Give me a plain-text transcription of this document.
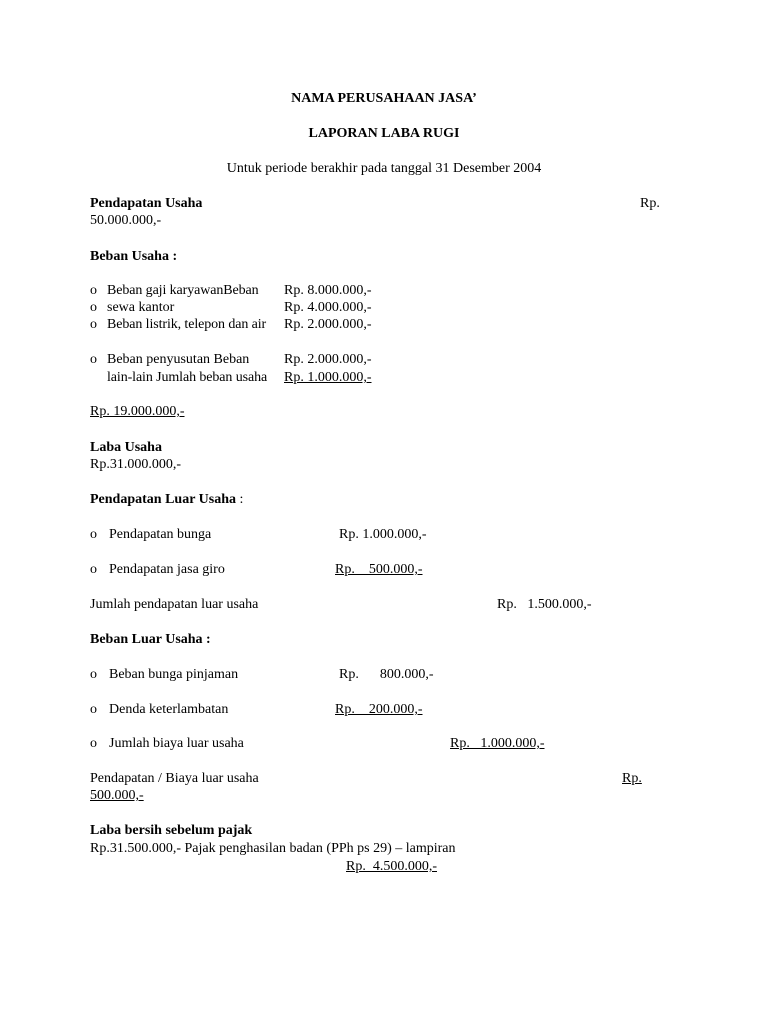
NAMA PERUSAHAAN JASA’
LAPORAN LABA RUGI
Untuk periode berakhir pada tanggal 31 Desember 2004
Pendapatan Usaha	Rp.
50.000.000,-
Beban Usaha :
o Beban gaji karyawanBeban Rp. 8.000.000,-
o sewa kantor	Rp. 4.000.000,-
o Beban listrik, telepon dan air Rp. 2.000.000,-
o Beban penyusutan Beban Rp. 2.000.000,-
lain-lain Jumlah beban usaha Rp. 1.000.000,-
Rp. 19.000.000,-
Laba Usaha
Rp.31.000.000,-
Pendapatan Luar Usaha :
o Pendapatan bunga	Rp. 1.000.000,-
o Pendapatan jasa giro	Rp.    500.000,-
Jumlah pendapatan luar usaha	Rp.   1.500.000,-
Beban Luar Usaha :
o Beban bunga pinjaman	Rp.      800.000,-
o Denda keterlambatan	Rp.    200.000,-
o Jumlah biaya luar usaha	Rp.   1.000.000,-
Pendapatan / Biaya luar usaha	Rp.
500.000,-
Laba bersih sebelum pajak
Rp.31.500.000,- Pajak penghasilan badan (PPh ps 29) – lampiran
Rp.  4.500.000,-
